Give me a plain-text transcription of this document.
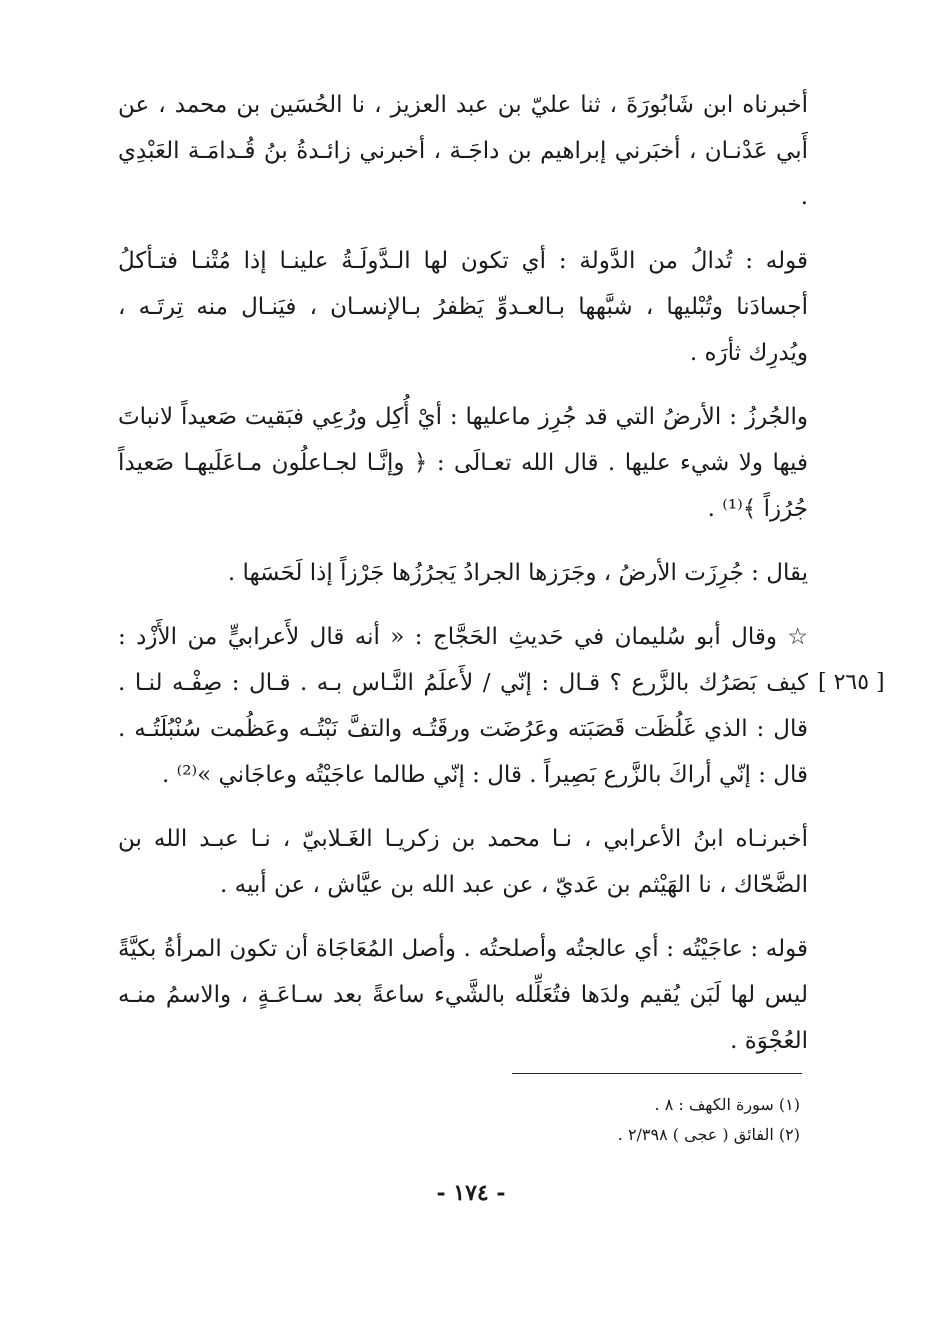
أخبرناه ابن شَابُورَةَ ، ثنا عليّ بن عبد العزيز ، نا الحُسَين بن محمد ، عن أَبي عَدْنـان ، أخبَرني إبراهيم بن داجَـة ، أخبرني زائـدةُ بنُ قُـدامَـة العَبْدِي .

قوله : تُدالُ من الدَّولة : أي تكون لها الـدَّولَـةُ علينـا إذا مُتْنـا فتـأكلُ أجسادَنا وتُبْليها ، شبَّهها بـالعـدوِّ يَظفرُ بـالإنسـان ، فيَنـال منه تِرتَـه ، ويُدرِك ثأرَه .

والجُرزُ : الأرضُ التي قد جُرِز ماعليها : أيْ أُكِل ورُعِي فبَقيت صَعيداً لانباتَ فيها ولا شيء عليها . قال الله تعـالَى : ﴿ وإنَّـا لجـاعلُون مـاعَلَيهـا صَعيداً جُرُزاً ﴾⁽¹⁾ .

يقال : جُرِزَت الأرضُ ، وجَرَزها الجرادُ يَجرُزُها جَرْزاً إذا لَحَسَها .

☆ وقال أبو سُليمان في حَديثِ الحَجَّاج : « أنه قال لأَعرابيٍّ من الأَزْد : كيف بَصَرُك بالزَّرع ؟ قـال : إنّي / لأَعلَمُ النَّـاس بـه . قـال : صِفْـه لنـا . قال : الذي غَلُظَت قَصَبَته وعَرُضَت ورقَتُـه والتفَّ نَبْتُـه وعَظُمت سُنْبُلَتُـه . قال : إنّي أراكَ بالزَّرع بَصِيراً . قال : إنّي طالما عاجَيْتُه وعاجَاني »⁽²⁾ .

أخبرنـاه ابنُ الأعرابي ، نـا محمد بن زكريـا الغَـلابيّ ، نـا عبـد الله بن الضَّحّاك ، نا الهَيْثم بن عَديّ ، عن عبد الله بن عيَّاش ، عن أبيه .

قوله : عاجَيْتُه : أي عالجتُه وأصلحتُه . وأصل المُعَاجَاة أن تكون المرأةُ بكيَّةً ليس لها لَبَن يُقيم ولدَها فتُعَلِّله بالشَّيء ساعةً بعد سـاعَـةٍ ، والاسمُ منـه العُجْوَة .

[ ٢٦٥ ]

(١) سورة الكهف : ٨ .

(٢) الفائق ( عجى ) ٢/٣٩٨ .

- ١٧٤ -
